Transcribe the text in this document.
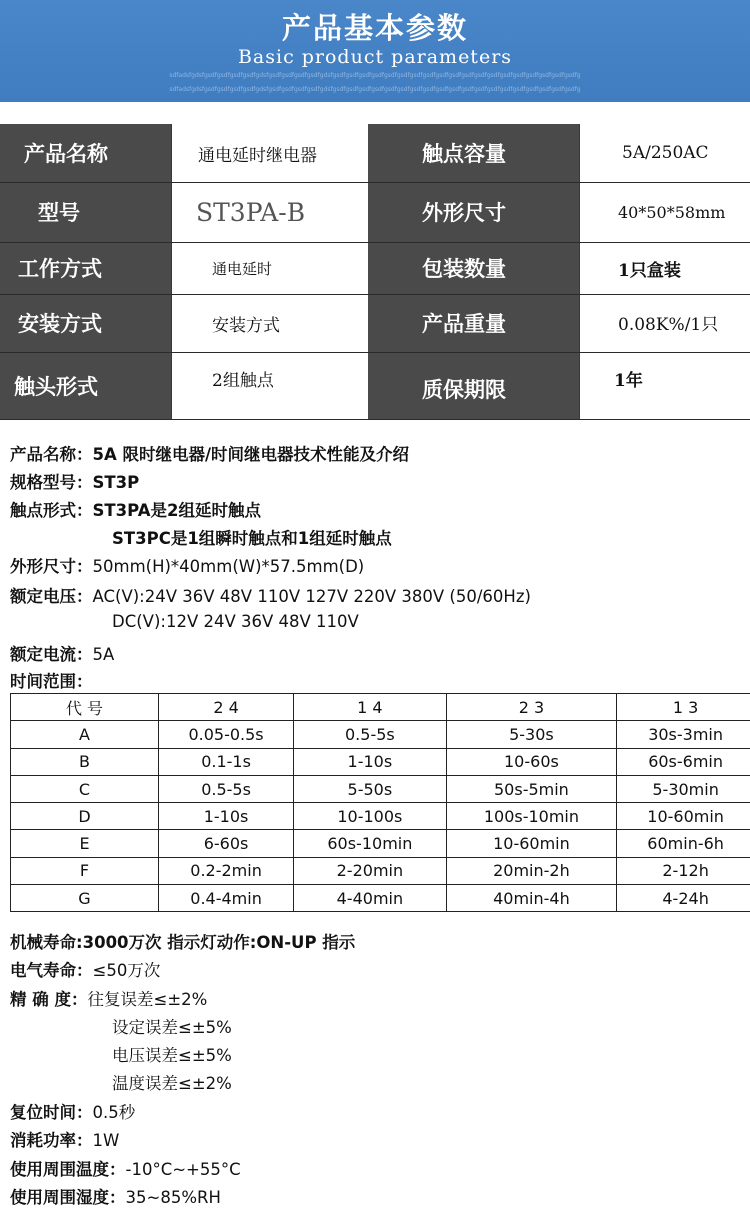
产品基本参数
Basic product parameters
sdfadsfgdsfgsdfgsdfgsdfgsdfgdsfgsdfgsdfgsdfgsdfgdsfgsdfgsdfgsdfgsdfgsdfgsdfgsdfgsdfgsdfgsdfgsdfgsdfgsdfgsdfgsdfgsdfgsdfgsdfgsdfg
sdfadsfgdsfgsdfgsdfgsdfgsdfgdsfgsdfgsdfgsdfgsdfgdsfgsdfgsdfgsdfgsdfgsdfgsdfgsdfgsdfgsdfgsdfgsdfgsdfgsdfgsdfgsdfgsdfgsdfgsdfgsdfg
产品名称	通电延时继电器	触点容量	5A/250AC
型号	ST3PA-B	外形尺寸	40*50*58mm
工作方式	通电延时	包装数量	1只盒装
安装方式	安装方式	产品重量	0.08K%/1只
触头形式	2组触点	质保期限	1年
产品名称：5A 限时继电器/时间继电器技术性能及介绍
规格型号：ST3P
触点形式：ST3PA是2组延时触点
ST3PC是1组瞬时触点和1组延时触点
外形尺寸：50mm(H)*40mm(W)*57.5mm(D)
额定电压：AC(V):24V 36V 48V 110V 127V 220V 380V (50/60Hz)
DC(V):12V 24V 36V 48V 110V
额定电流：5A
时间范围：
代 号	2 4	1 4	2 3	1 3
A	0.05-0.5s	0.5-5s	5-30s	30s-3min
B	0.1-1s	1-10s	10-60s	60s-6min
C	0.5-5s	5-50s	50s-5min	5-30min
D	1-10s	10-100s	100s-10min	10-60min
E	6-60s	60s-10min	10-60min	60min-6h
F	0.2-2min	2-20min	20min-2h	2-12h
G	0.4-4min	4-40min	40min-4h	4-24h
机械寿命:3000万次 指示灯动作:ON-UP 指示
电气寿命：≤50万次
精 确 度：往复误差≤±2%
设定误差≤±5%
电压误差≤±5%
温度误差≤±2%
复位时间：0.5秒
消耗功率：1W
使用周围温度：-10°C~+55°C
使用周围湿度：35~85%RH
